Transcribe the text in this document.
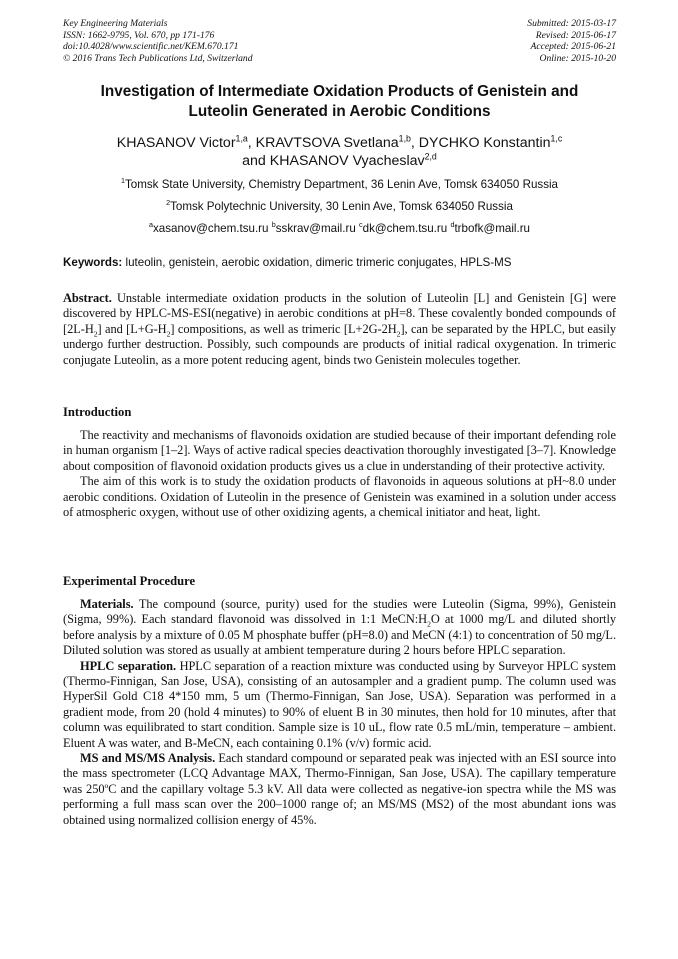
Key Engineering Materials
ISSN: 1662-9795, Vol. 670, pp 171-176
doi:10.4028/www.scientific.net/KEM.670.171
© 2016 Trans Tech Publications Ltd, Switzerland
Submitted: 2015-03-17
Revised: 2015-06-17
Accepted: 2015-06-21
Online: 2015-10-20
Investigation of Intermediate Oxidation Products of Genistein and
Luteolin Generated in Aerobic Conditions
KHASANOV Victor$^{1,a}$, KRAVTSOVA Svetlana$^{1,b}$, DYCHKO Konstantin$^{1,c}$
and KHASANOV Vyacheslav$^{2,d}$
$^1$Tomsk State University, Chemistry Department, 36 Lenin Ave, Tomsk 634050 Russia
$^2$Tomsk Polytechnic University, 30 Lenin Ave, Tomsk 634050 Russia
$^a$xasanov@chem.tsu.ru $^b$sskrav@mail.ru $^c$dk@chem.tsu.ru $^d$trbofk@mail.ru
Keywords: luteolin, genistein, aerobic oxidation, dimeric trimeric conjugates, HPLS-MS

Abstract. Unstable intermediate oxidation products in the solution of Luteolin [L] and Genistein [G] were discovered by HPLC-MS-ESI(negative) in aerobic conditions at pH=8. These covalently bonded compounds of $[2L-H_2]$ and $[L+G-H_2]$ compositions, as well as trimeric $[L+2G-2H_2]$, can be separated by the HPLC, but easily undergo further destruction. Possibly, such compounds are products of initial radical oxygenation. In trimeric conjugate Luteolin, as a more potent reducing agent, binds two Genistein molecules together.

Introduction

The reactivity and mechanisms of flavonoids oxidation are studied because of their important defending role in human organism [1–2]. Ways of active radical species deactivation thoroughly investigated [3–7]. Knowledge about composition of flavonoid oxidation products gives us a clue in understanding of their protective activity.

The aim of this work is to study the oxidation products of flavonoids in aqueous solutions at pH~8.0 under aerobic conditions. Oxidation of Luteolin in the presence of Genistein was examined in a solution under access of atmospheric oxygen, without use of other oxidizing agents, a chemical initiator and heat, light.

Experimental Procedure

Materials. The compound (source, purity) used for the studies were Luteolin (Sigma, 99%), Genistein (Sigma, 99%). Each standard flavonoid was dissolved in 1:1 $MeCN:H_2O$ at 1000 mg/L and diluted shortly before analysis by a mixture of 0.05 M phosphate buffer (pH=8.0) and MeCN (4:1) to concentration of 50 mg/L. Diluted solution was stored as usually at ambient temperature during 2 hours before HPLC separation.

HPLC separation. HPLC separation of a reaction mixture was conducted using by Surveyor HPLC system (Thermo-Finnigan, San Jose, USA), consisting of an autosampler and a gradient pump. The column used was HyperSil Gold C18 4*150 mm, 5 um (Thermo-Finnigan, San Jose, USA). Separation was performed in a gradient mode, from 20 (hold 4 minutes) to 90% of eluent B in 30 minutes, then hold for 10 minutes, after that column was equilibrated to start condition. Sample size is 10 uL, flow rate 0.5 mL/min, temperature – ambient. Eluent A was water, and B-MeCN, each containing 0.1% (v/v) formic acid.

MS and MS/MS Analysis. Each standard compound or separated peak was injected with an ESI source into the mass spectrometer (LCQ Advantage MAX, Thermo-Finnigan, San Jose, USA). The capillary temperature was 250$^o$C and the capillary voltage 5.3 kV. All data were collected as negative-ion spectra while the MS was performing a full mass scan over the 200–1000 range of; an MS/MS (MS2) of the most abundant ions was obtained using normalized collision energy of 45%.
